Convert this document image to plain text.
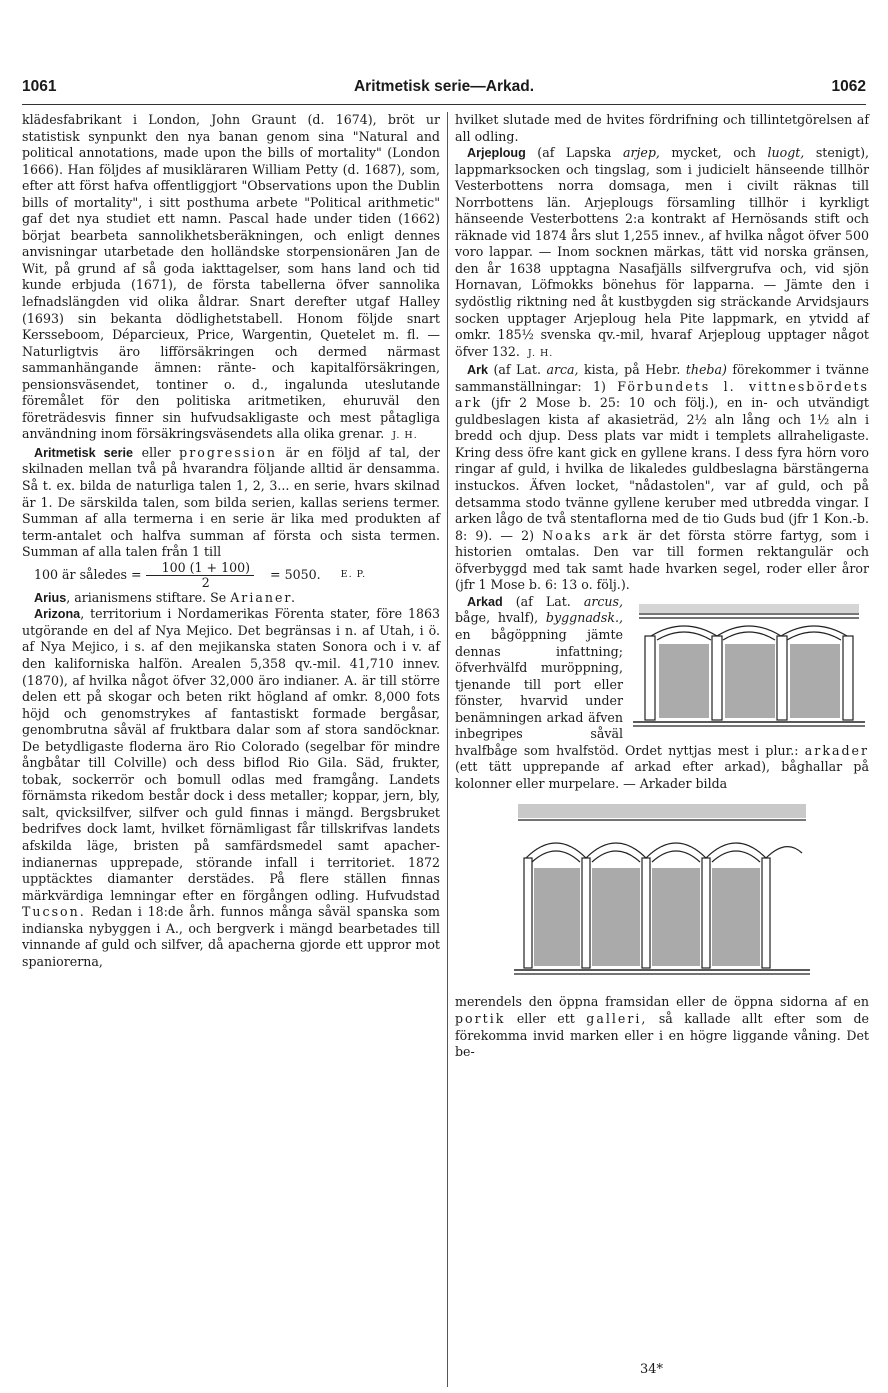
1061	Aritmetisk serie—Arkad.	1062

klädesfabrikant i London, John Graunt (d. 1674), bröt ur statistisk synpunkt den nya banan genom sina "Natural and political annotations, made upon the bills of mortality" (London 1666). Han följdes af musikläraren William Petty (d. 1687), som, efter att först hafva offentliggjort "Observations upon the Dublin bills of mortality", i sitt posthuma arbete "Political arithmetic" gaf det nya studiet ett namn. Pascal hade under tiden (1662) börjat bearbeta sannolikhetsberäkningen, och enligt dennes anvisningar utarbetade den holländske storpensionären Jan de Wit, på grund af så goda iakttagelser, som hans land och tid kunde erbjuda (1671), de första tabellerna öfver sannolika lefnadslängden vid olika åldrar. Snart derefter utgaf Halley (1693) sin bekanta dödlighetstabell. Honom följde snart Kersseboom, Déparcieux, Price, Wargentin, Quetelet m. fl. — Naturligtvis äro lifförsäkringen och dermed närmast sammanhängande ämnen: ränte- och kapitalförsäkringen, pensionsväsendet, tontiner o. d., ingalunda uteslutande föremålet för den politiska aritmetiken, ehuruväl den företrädesvis finner sin hufvudsakligaste och mest påtagliga användning inom försäkringsväsendets alla olika grenar. J. H.

Aritmetisk serie eller progression är en följd af tal, der skilnaden mellan två på hvarandra följande alltid är densamma. Så t. ex. bilda de naturliga talen 1, 2, 3... en serie, hvars skilnad är 1. De särskilda talen, som bilda serien, kallas seriens termer. Summan af alla termerna i en serie är lika med produkten af term-antalet och halfva summan af första och sista termen. Summan af alla talen från 1 till

100 är således = $\frac{100 (1 + 100)}{2}$	= 5050.	E. P.

Arius, arianismens stiftare. Se Arianer.

Arizona, territorium i Nordamerikas Förenta stater, före 1863 utgörande en del af Nya Mejico. Det begränsas i n. af Utah, i ö. af Nya Mejico, i s. af den mejikanska staten Sonora och i v. af den kaliforniska halfön. Arealen 5,358 qv.-mil. 41,710 innev. (1870), af hvilka något öfver 32,000 äro indianer. A. är till större delen ett på skogar och beten rikt högland af omkr. 8,000 fots höjd och genomstrykes af fantastiskt formade bergåsar, genombrutna såväl af fruktbara dalar som af stora sandöcknar. De betydligaste floderna äro Rio Colorado (segelbar för mindre ångbåtar till Colville) och dess biflod Rio Gila. Säd, frukter, tobak, sockerrör och bomull odlas med framgång. Landets förnämsta rikedom består dock i dess metaller; koppar, jern, bly, salt, qvicksilfver, silfver och guld finnas i mängd. Bergsbruket bedrifves dock lamt, hvilket förnämligast får tillskrifvas landets afskilda läge, bristen på samfärdsmedel samt apacher-indianernas upprepade, störande infall i territoriet. 1872 upptäcktes diamanter derstädes. På flere ställen finnas märkvärdiga lemningar efter en förgången odling. Hufvudstad Tucson. Redan i 18:de årh. funnos många såväl spanska som indianska nybyggen i A., och bergverk i mängd bearbetades till vinnande af guld och silfver, då apacherna gjorde ett uppror mot spaniorerna,

hvilket slutade med de hvites fördrifning och tillintetgörelsen af all odling.

Arjeploug (af Lapska arjep, mycket, och luogt, stenigt), lappmarksocken och tingslag, som i judicielt hänseende tillhör Vesterbottens norra domsaga, men i civilt räknas till Norrbottens län. Arjeplougs församling tillhör i kyrkligt hänseende Vesterbottens 2:a kontrakt af Hernösands stift och räknade vid 1874 års slut 1,255 innev., af hvilka något öfver 500 voro lappar. — Inom socknen märkas, tätt vid norska gränsen, den år 1638 upptagna Nasafjälls silfvergrufva och, vid sjön Hornavan, Löfmokks bönehus för lapparna. — Jämte den i sydöstlig riktning ned åt kustbygden sig sträckande Arvidsjaurs socken upptager Arjeploug hela Pite lappmark, en ytvidd af omkr. 185½ svenska qv.-mil, hvaraf Arjeploug upptager något öfver 132. J. H.

Ark (af Lat. arca, kista, på Hebr. theba) förekommer i tvänne sammanställningar: 1) Förbundets l. vittnesbördets ark (jfr 2 Mose b. 25: 10 och följ.), en in- och utvändigt guldbeslagen kista af akasieträd, 2½ aln lång och 1½ aln i bredd och djup. Dess plats var midt i templets allraheligaste. Kring dess öfre kant gick en gyllene krans. I dess fyra hörn voro ringar af guld, i hvilka de likaledes guldbeslagna bärstängerna instuckos. Äfven locket, "nådastolen", var af guld, och på detsamma stodo tvänne gyllene keruber med utbredda vingar. I arken lågo de två stentaflorna med de tio Guds bud (jfr 1 Kon.-b. 8: 9). — 2) Noaks ark är det första större fartyg, som i historien omtalas. Den var till formen rektangulär och öfverbyggd med tak samt hade hvarken segel, roder eller åror (jfr 1 Mose b. 6: 13 o. följ.).

Arkad (af Lat. arcus, båge, hvalf), byggnadsk., en bågöppning jämte dennas infattning; öfverhvälfd muröppning, tjenande till port eller fönster, hvarvid under benämningen arkad äfven inbegripes såväl hvalfbåge som hvalfstöd. Ordet nyttjas mest i plur.: arkader (ett tätt upprepande af arkad efter arkad), båghallar på kolonner eller murpelare. — Arkader bilda

merendels den öppna framsidan eller de öppna sidorna af en portik eller ett galleri, så kallade allt efter som de förekomma invid marken eller i en högre liggande våning. Det be-

34*
